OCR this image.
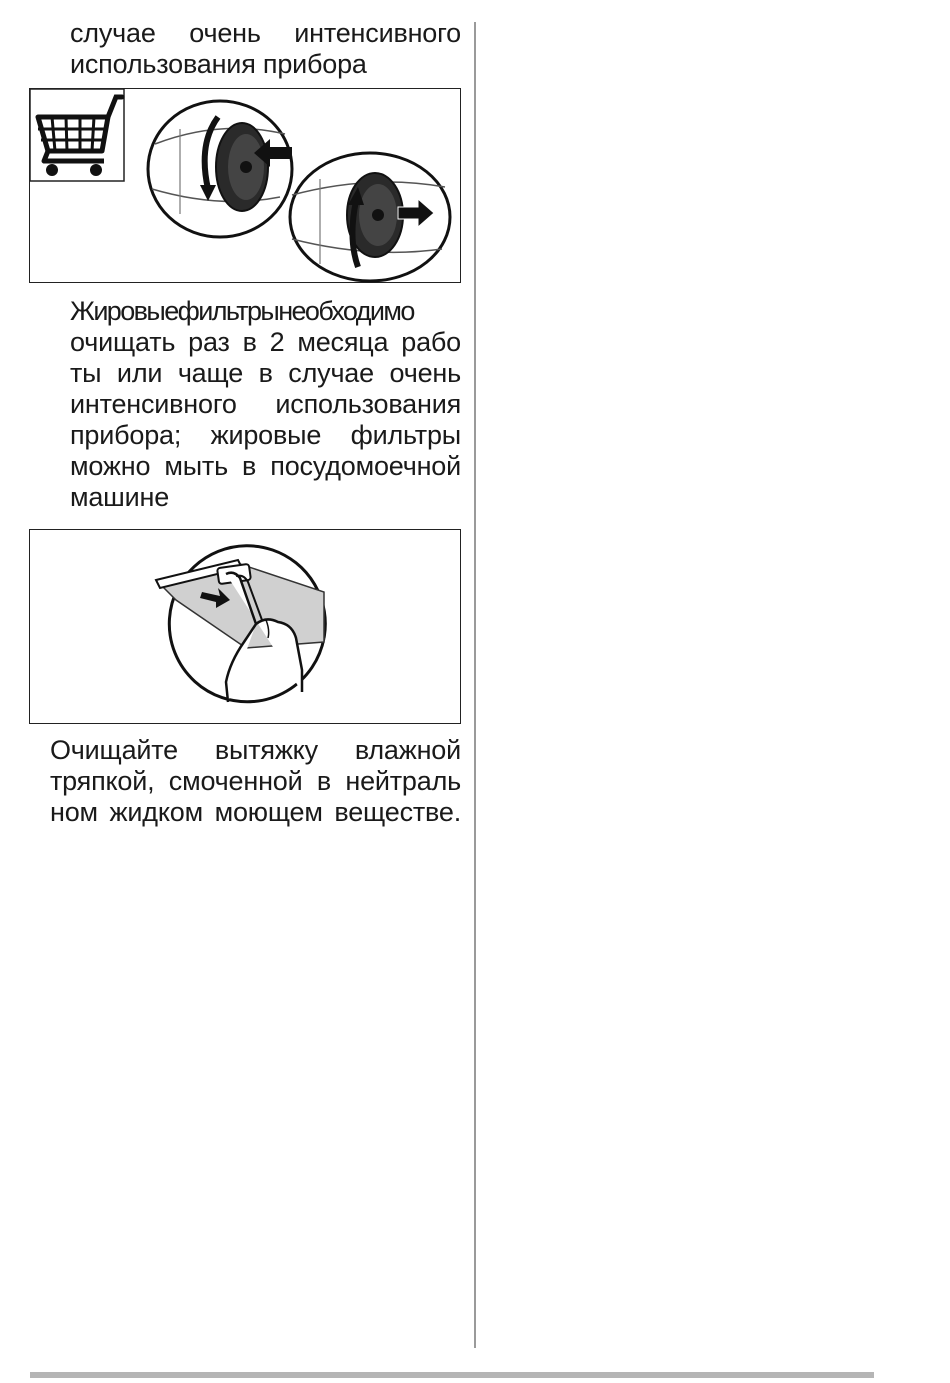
случае очень интенсивного
использования прибора
Жировыефильтрынеобходимо
очищать раз в 2 месяца рабо
ты или чаще в случае очень
интенсивного использования
прибора; жировые фильтры
можно мыть в посудомоечной
машине
Очищайте вытяжку влажной
тряпкой, смоченной в нейтраль
ном жидком моющем веществе.
